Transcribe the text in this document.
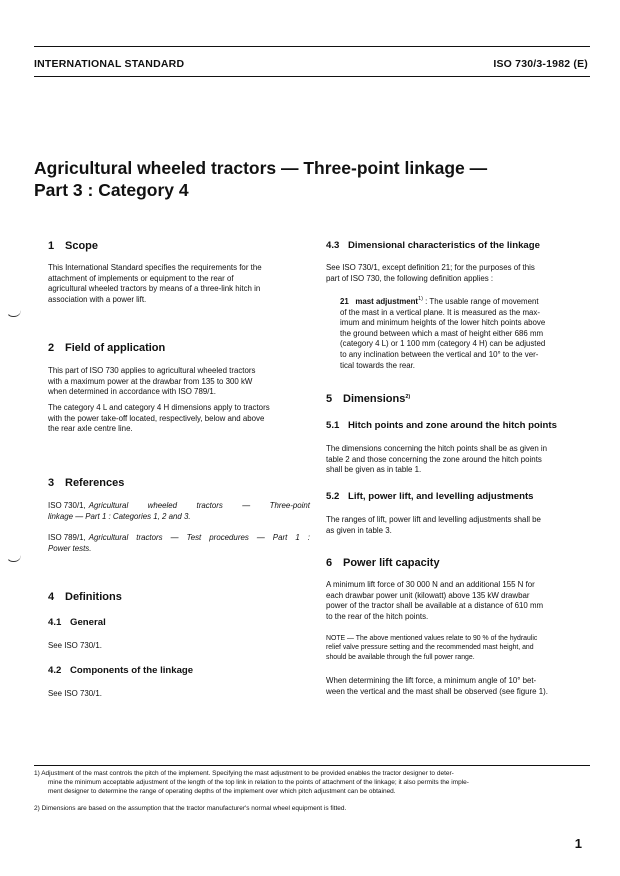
INTERNATIONAL STANDARD	ISO 730/3-1982 (E)
Agricultural wheeled tractors — Three-point linkage —
Part 3 : Category 4
1 Scope
This International Standard specifies the requirements for the
attachment of implements or equipment to the rear of
agricultural wheeled tractors by means of a three-link hitch in
association with a power lift.
2 Field of application
This part of ISO 730 applies to agricultural wheeled tractors
with a maximum power at the drawbar from 135 to 300 kW
when determined in accordance with ISO 789/1.
The category 4 L and category 4 H dimensions apply to tractors
with the power take-off located, respectively, below and above
the rear axle centre line.
3 References
ISO 730/1, Agricultural wheeled tractors — Three-point
linkage — Part 1 : Categories 1, 2 and 3.
ISO 789/1, Agricultural tractors — Test procedures — Part 1 :
Power tests.
4 Definitions
4.1 General
See ISO 730/1.
4.2 Components of the linkage
See ISO 730/1.
4.3 Dimensional characteristics of the linkage
See ISO 730/1, except definition 21; for the purposes of this
part of ISO 730, the following definition applies :
21 mast adjustment$^{1)}$ : The usable range of movement
of the mast in a vertical plane. It is measured as the max-
imum and minimum heights of the lower hitch points above
the ground between which a mast of height either 686 mm
(category 4 L) or 1 100 mm (category 4 H) can be adjusted
to any inclination between the vertical and 10° to the ver-
tical towards the rear.
5 Dimensions$^{2)}$
5.1 Hitch points and zone around the hitch points
The dimensions concerning the hitch points shall be as given in
table 2 and those concerning the zone around the hitch points
shall be given as in table 1.
5.2 Lift, power lift, and levelling adjustments
The ranges of lift, power lift and levelling adjustments shall be
as given in table 3.
6 Power lift capacity
A minimum lift force of 30 000 N and an additional 155 N for
each drawbar power unit (kilowatt) above 135 kW drawbar
power of the tractor shall be available at a distance of 610 mm
to the rear of the hitch points.
NOTE — The above mentioned values relate to 90 % of the hydraulic
relief valve pressure setting and the recommended mast height, and
should be available through the full power range.
When determining the lift force, a minimum angle of 10° bet-
ween the vertical and the mast shall be observed (see figure 1).
1) Adjustment of the mast controls the pitch of the implement. Specifying the mast adjustment to be provided enables the tractor designer to deter-
mine the minimum acceptable adjustment of the length of the top link in relation to the points of attachment of the linkage; it also permits the imple-
ment designer to determine the range of operating depths of the implement over which pitch adjustment can be obtained.
2) Dimensions are based on the assumption that the tractor manufacturer's normal wheel equipment is fitted.
1
